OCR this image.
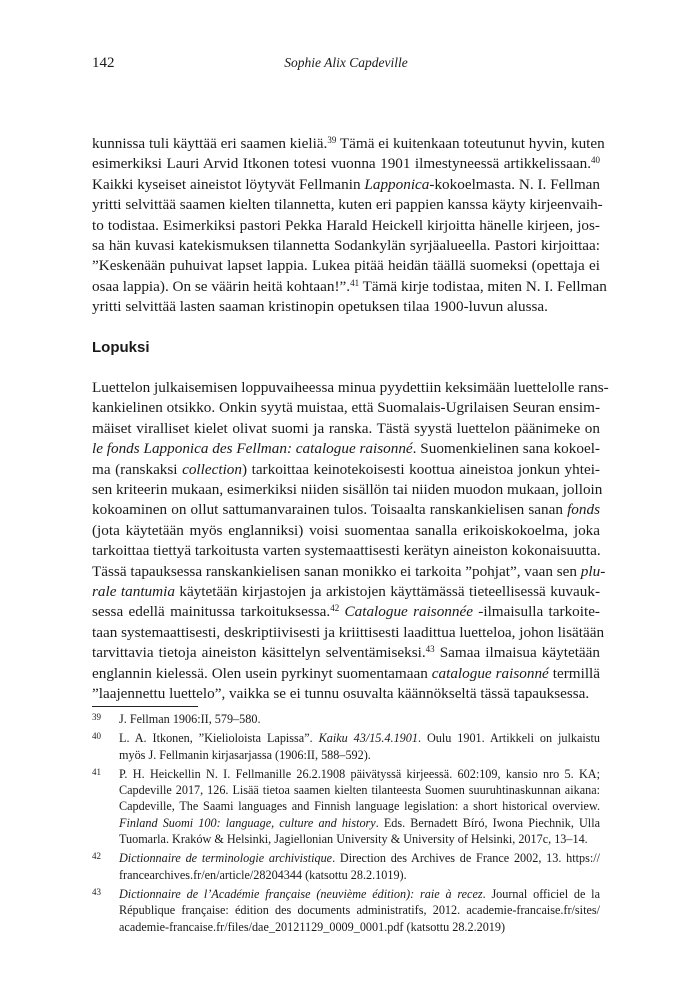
142	Sophie Alix Capdeville
kunnissa tuli käyttää eri saamen kieliä.$^{39}$ Tämä ei kuitenkaan toteutunut hyvin, kuten
esimerkiksi Lauri Arvid Itkonen totesi vuonna 1901 ilmestyneessä artikkelissaan.$^{40}$
Kaikki kyseiset aineistot löytyvät Fellmanin Lapponica-kokoelmasta. N. I. Fellman
yritti selvittää saamen kielten tilannetta, kuten eri pappien kanssa käyty kirjeenvaih-
to todistaa. Esimerkiksi pastori Pekka Harald Heickell kirjoitta hänelle kirjeen, jos-
sa hän kuvasi katekismuksen tilannetta Sodankylän syrjäalueella. Pastori kirjoittaa:
”Keskenään puhuivat lapset lappia. Lukea pitää heidän täällä suomeksi (opettaja ei
osaa lappia). On se väärin heitä kohtaan!”.$^{41}$ Tämä kirje todistaa, miten N. I. Fellman
yritti selvittää lasten saaman kristinopin opetuksen tilaa 1900-luvun alussa.
Lopuksi
Luettelon julkaisemisen loppuvaiheessa minua pyydettiin keksimään luettelolle rans-
kankielinen otsikko. Onkin syytä muistaa, että Suomalais-Ugrilaisen Seuran ensim-
mäiset viralliset kielet olivat suomi ja ranska. Tästä syystä luettelon päänimeke on
le fonds Lapponica des Fellman: catalogue raisonné. Suomenkielinen sana kokoel-
ma (ranskaksi collection) tarkoittaa keinotekoisesti koottua aineistoa jonkun yhtei-
sen kriteerin mukaan, esimerkiksi niiden sisällön tai niiden muodon mukaan, jolloin
kokoaminen on ollut sattumanvarainen tulos. Toisaalta ranskankielisen sanan fonds
(jota käytetään myös englanniksi) voisi suomentaa sanalla erikoiskokoelma, joka
tarkoittaa tiettyä tarkoitusta varten systemaattisesti kerätyn aineiston kokonaisuutta.
Tässä tapauksessa ranskankielisen sanan monikko ei tarkoita ”pohjat”, vaan sen plu-
rale tantumia käytetään kirjastojen ja arkistojen käyttämässä tieteellisessä kuvauk-
sessa edellä mainitussa tarkoituksessa.$^{42}$ Catalogue raisonnée -ilmaisulla tarkoite-
taan systemaattisesti, deskriptiivisesti ja kriittisesti laadittua luetteloa, johon lisätään
tarvittavia tietoja aineiston käsittelyn selventämiseksi.$^{43}$ Samaa ilmaisua käytetään
englannin kielessä. Olen usein pyrkinyt suomentamaan catalogue raisonné termillä
”laajennettu luettelo”, vaikka se ei tunnu osuvalta käännökseltä tässä tapauksessa.
39 J. Fellman 1906:II, 579–580.
40 L. A. Itkonen, ”Kielioloista Lapissa”. Kaiku 43/15.4.1901. Oulu 1901. Artikkeli on julkaistu
myös J. Fellmanin kirjasarjassa (1906:II, 588–592).
41 P. H. Heickellin N. I. Fellmanille 26.2.1908 päivätyssä kirjeessä. 602:109, kansio nro 5. KA;
Capdeville 2017, 126. Lisää tietoa saamen kielten tilanteesta Suomen suuruhtinaskunnan aikana:
Capdeville, The Saami languages and Finnish language legislation: a short historical overview.
Finland Suomi 100: language, culture and history. Eds. Bernadett Bíró, Iwona Piechnik, Ulla
Tuomarla. Kraków & Helsinki, Jagiellonian University & University of Helsinki, 2017c, 13–14.
42 Dictionnaire de terminologie archivistique. Direction des Archives de France 2002, 13. https://
francearchives.fr/en/article/28204344 (katsottu 28.2.1019).
43 Dictionnaire de l’Académie française (neuvième édition): raie à recez. Journal officiel de la
République française: édition des documents administratifs, 2012. academie-francaise.fr/sites/
academie-francaise.fr/files/dae_20121129_0009_0001.pdf (katsottu 28.2.2019)
